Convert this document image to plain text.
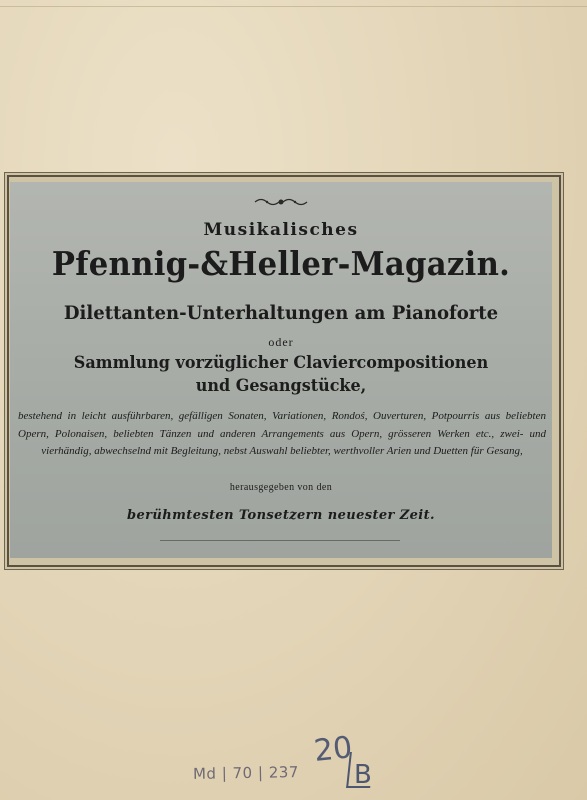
Musikalisches
Pfennig-&Heller-Magazin.
Dilettanten-Unterhaltungen am Pianoforte
oder
Sammlung vorzüglicher Claviercompositionen
und Gesangstücke,
bestehend in leicht ausführbaren, gefälligen Sonaten, Variationen, Rondoś, Ouverturen, Potpourris aus beliebten Opern, Polonaisen, beliebten Tänzen und anderen Arrangements aus Opern, grösseren Werken etc., zwei- und vierhändig, abwechselnd mit Begleitung, nebst Auswahl beliebter, werthvoller Arien und Duetten für Gesang,
herausgegeben von den
berühmtesten Tonsetzern neuester Zeit.
Md | 70 | 237
20
B
